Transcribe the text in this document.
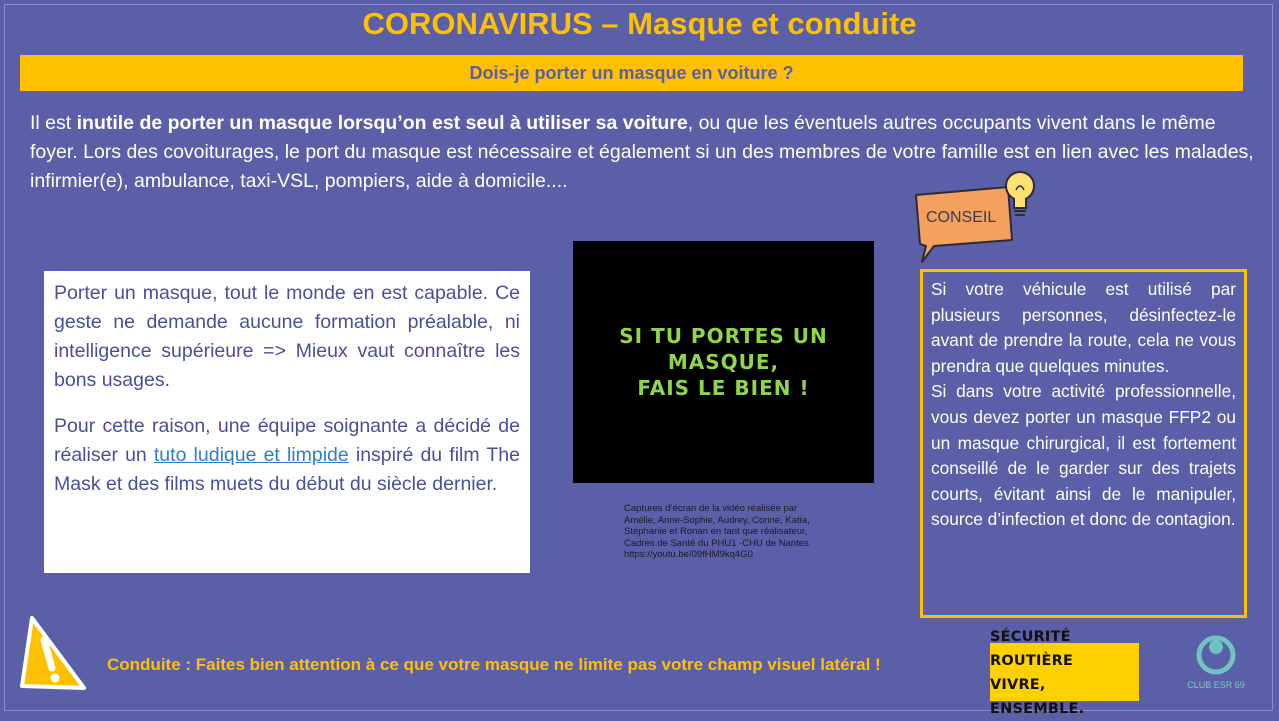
CORONAVIRUS – Masque et conduite
Dois-je porter un masque en voiture ?
Il est inutile de porter un masque lorsqu’on est seul à utiliser sa voiture, ou que les éventuels autres occupants vivent dans le même foyer. Lors des covoiturages, le port du masque est nécessaire et également si un des membres de votre famille est en lien avec les malades, infirmier(e), ambulance, taxi-VSL, pompiers, aide à domicile....

Porter un masque, tout le monde en est capable. Ce geste ne demande aucune formation préalable, ni intelligence supérieure => Mieux vaut connaître les bons usages.

Pour cette raison, une équipe soignante a décidé de réaliser un tuto ludique et limpide inspiré du film The Mask et des films muets du début du siècle dernier.

SI TU PORTES UN MASQUE,
FAIS LE BIEN !
Captures d’écran de la vidéo réalisée par
Amélie, Anne-Sophie, Audrey, Corine, Katia,
Stéphanie et Ronan en tant que réalisateur,
Cadres de Santé du PHU1 -CHU de Nantes
https://youtu.be/09fHM9kq4G0
CONSEIL

Si votre véhicule est utilisé par plusieurs personnes, désinfectez-le avant de prendre la route, cela ne vous prendra que quelques minutes.

Si dans votre activité professionnelle, vous devez porter un masque FFP2 ou un masque chirurgical, il est fortement conseillé de le garder sur des trajets courts, évitant ainsi de le manipuler, source d’infection et donc de contagion.

Conduite : Faites bien attention à ce que votre masque ne limite pas votre champ visuel latéral !
SÉCURITÉ ROUTIÈRE
VIVRE, ENSEMBLE.
CLUB ESR 69
